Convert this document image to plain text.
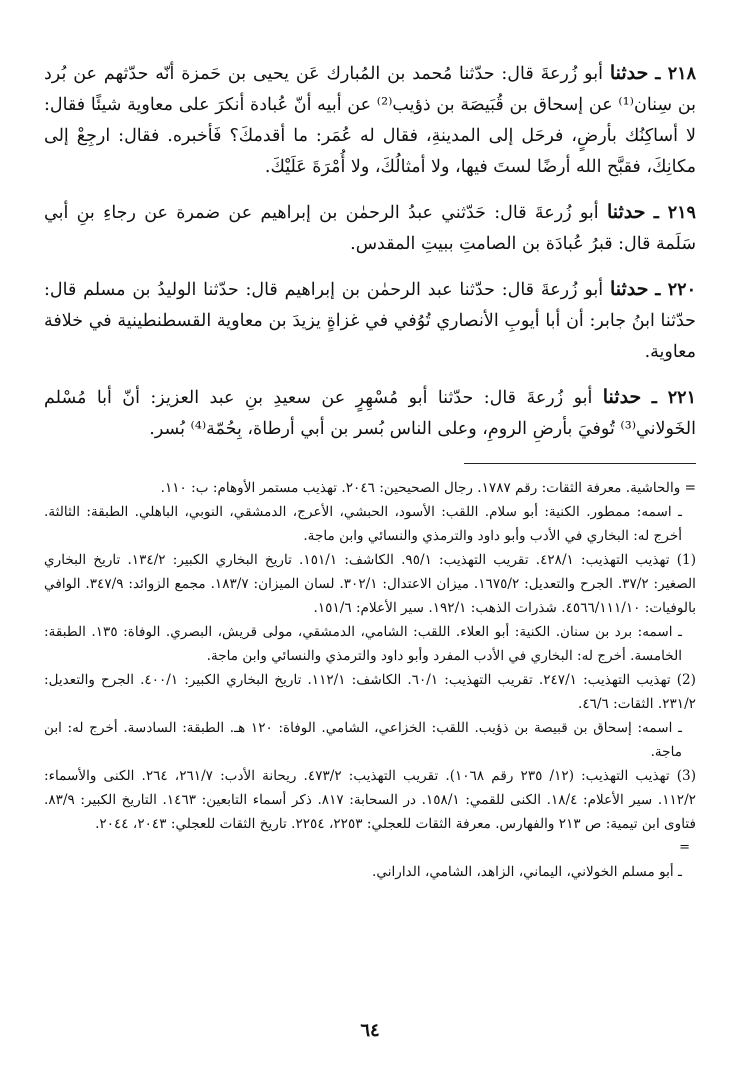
٢١٨ ـ حدثنا أبو زُرعةَ قال: حدّثنا مُحمد بن المُبارك عَن يحيى بن حَمزة أنّه حدّثهم عن بُرد بن سِنان⁽¹⁾ عن إسحاق بن قُبَيصَة بن ذؤيب⁽²⁾ عن أبيه أنّ عُبادة أنكرَ على معاوية شيئًا فقال: لا أساكِنُك بأرضٍ، فرحَل إلى المدينةِ، فقال له عُمَر: ما أقدمكَ؟ فَأخبره. فقال: ارجِعْ إلى مكانِكَ، فقبَّح الله أرضًا لستَ فيها، ولا أمثالُكَ، ولا أُمْرَةَ عَلَيْكَ.

٢١٩ ـ حدثنا أبو زُرعةَ قال: حَدّثني عبدُ الرحمٰن بن إبراهيم عن ضمرة عن رجاءِ بنِ أبي سَلَمة قال: قبرُ عُبادَة بن الصامتِ ببيتِ المقدس.

٢٢٠ ـ حدثنا أبو زُرعةَ قال: حدّثنا عبد الرحمٰن بن إبراهيم قال: حدّثنا الوليدُ بن مسلم قال: حدّثنا ابنُ جابر: أن أبا أيوبِ الأنصاري تُوُفي في غزاةٍ يزيدَ بن معاوية القسطنطينية في خلافة معاوية.

٢٢١ ـ حدثنا أبو زُرعةَ قال: حدّثنا أبو مُسْهِرٍ عن سعيدِ بنِ عبد العزيز: أنّ أبا مُسْلم الخَولاني⁽³⁾ تُوفيَ بأرضِ الرومِ، وعلى الناس بُسر بن أبي أرطاة، بِحُمّة⁽⁴⁾ بُسر.

= والحاشية. معرفة الثقات: رقم ١٧٨٧. رجال الصحيحين: ٢٠٤٦. تهذيب مستمر الأوهام: ب: ١١٠.

ـ اسمه: ممطور. الكنية: أبو سلام. اللقب: الأسود، الحبشي، الأعرج، الدمشقي، النوبي، الباهلي. الطبقة: الثالثة. أخرج له: البخاري في الأدب وأبو داود والترمذي والنسائي وابن ماجة.

(1) تهذيب التهذيب: ٤٢٨/١. تقريب التهذيب: ٩٥/١. الكاشف: ١٥١/١. تاريخ البخاري الكبير: ١٣٤/٢. تاريخ البخاري الصغير: ٣٧/٢. الجرح والتعديل: ١٦٧٥/٢. ميزان الاعتدال: ٣٠٢/١. لسان الميزان: ١٨٣/٧. مجمع الزوائد: ٣٤٧/٩. الوافي بالوفيات: ٤٥٦٦/١١١/١٠. شذرات الذهب: ١٩٢/١. سير الأعلام: ١٥١/٦.

ـ اسمه: برد بن سنان. الكنية: أبو العلاء. اللقب: الشامي، الدمشقي، مولى قريش، البصري. الوفاة: ١٣٥. الطبقة: الخامسة. أخرج له: البخاري في الأدب المفرد وأبو داود والترمذي والنسائي وابن ماجة.

(2) تهذيب التهذيب: ٢٤٧/١. تقريب التهذيب: ٦٠/١. الكاشف: ١١٢/١. تاريخ البخاري الكبير: ٤٠٠/١. الجرح والتعديل: ٢٣١/٢. الثقات: ٤٦/٦.

ـ اسمه: إسحاق بن قبيصة بن ذؤيب. اللقب: الخزاعي، الشامي. الوفاة: ١٢٠ هـ. الطبقة: السادسة. أخرج له: ابن ماجة.

(3) تهذيب التهذيب: (١٢/ ٢٣٥ رقم ١٠٦٨). تقريب التهذيب: ٤٧٣/٢. ريحانة الأدب: ٢٦١/٧، ٢٦٤. الكنى والأسماء: ١١٢/٢. سير الأعلام: ١٨/٤. الكنى للقمي: ١٥٨/١. در السحابة: ٨١٧. ذكر أسماء التابعين: ١٤٦٣. التاريخ الكبير: ٨٣/٩. فتاوى ابن تيمية: ص ٢١٣ والفهارس. معرفة الثقات للعجلي: ٢٢٥٣، ٢٢٥٤. تاريخ الثقات للعجلي: ٢٠٤٣، ٢٠٤٤.

=

ـ أبو مسلم الخولاني، اليماني، الزاهد، الشامي، الداراني.

٦٤
